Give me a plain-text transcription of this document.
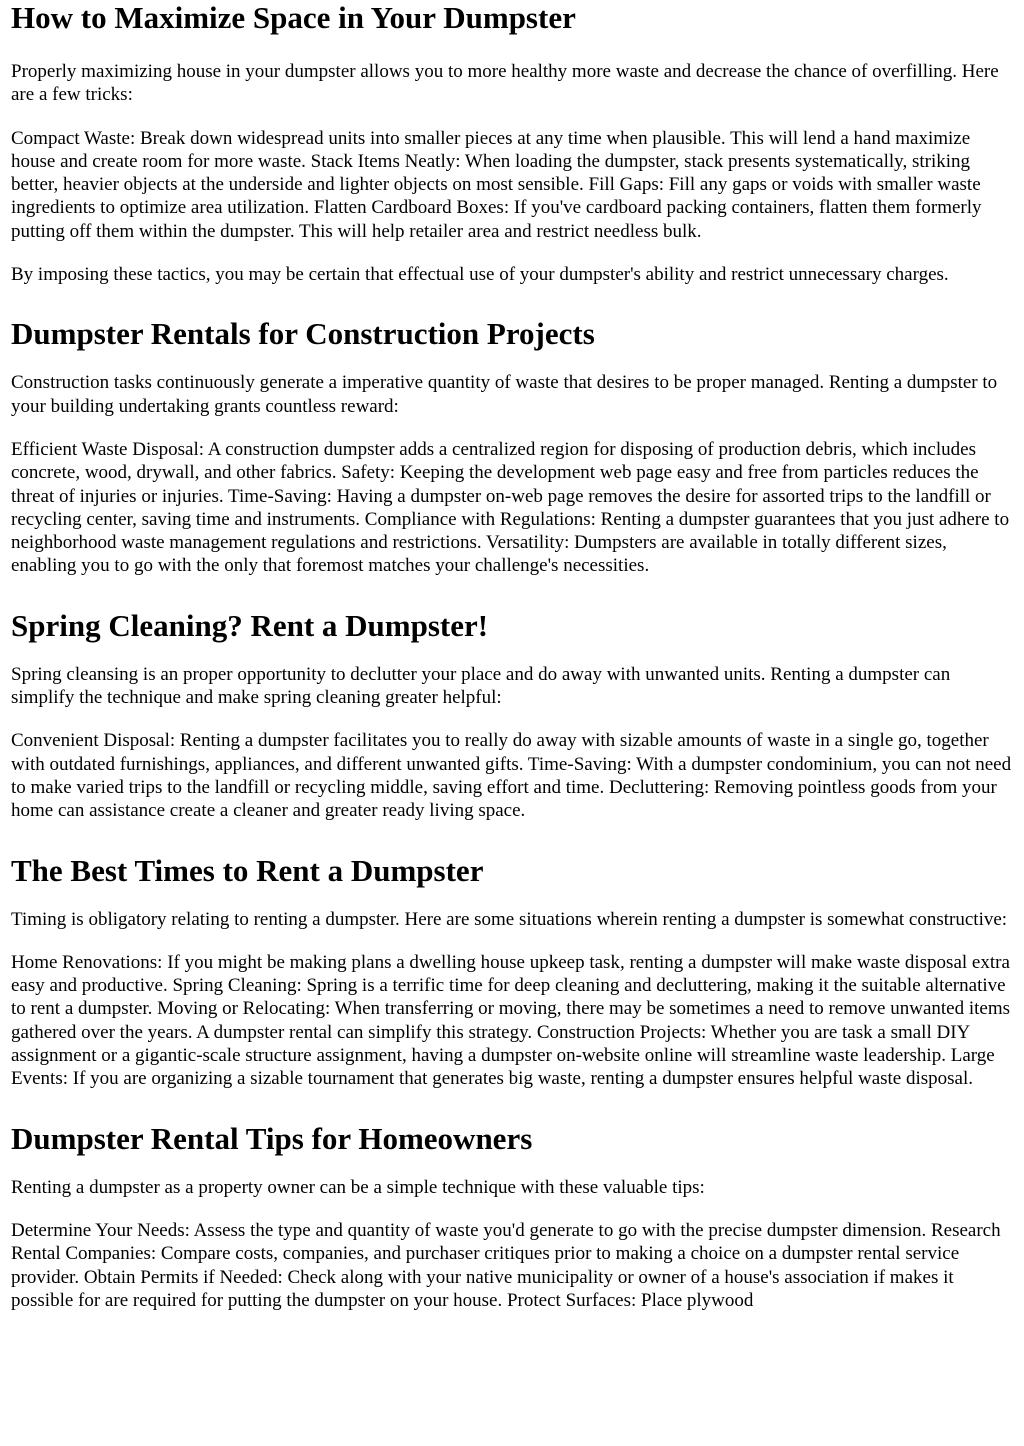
How to Maximize Space in Your Dumpster

Properly maximizing house in your dumpster allows you to more healthy more waste and decrease the chance of overfilling. Here are a few tricks:

Compact Waste: Break down widespread units into smaller pieces at any time when plausible. This will lend a hand maximize house and create room for more waste. Stack Items Neatly: When loading the dumpster, stack presents systematically, striking better, heavier objects at the underside and lighter objects on most sensible. Fill Gaps: Fill any gaps or voids with smaller waste ingredients to optimize area utilization. Flatten Cardboard Boxes: If you've cardboard packing containers, flatten them formerly putting off them within the dumpster. This will help retailer area and restrict needless bulk.

By imposing these tactics, you may be certain that effectual use of your dumpster's ability and restrict unnecessary charges.

Dumpster Rentals for Construction Projects

Construction tasks continuously generate a imperative quantity of waste that desires to be proper managed. Renting a dumpster to your building undertaking grants countless reward:

Efficient Waste Disposal: A construction dumpster adds a centralized region for disposing of production debris, which includes concrete, wood, drywall, and other fabrics. Safety: Keeping the development web page easy and free from particles reduces the threat of injuries or injuries. Time-Saving: Having a dumpster on-web page removes the desire for assorted trips to the landfill or recycling center, saving time and instruments. Compliance with Regulations: Renting a dumpster guarantees that you just adhere to neighborhood waste management regulations and restrictions. Versatility: Dumpsters are available in totally different sizes, enabling you to go with the only that foremost matches your challenge's necessities.

Spring Cleaning? Rent a Dumpster!

Spring cleansing is an proper opportunity to declutter your place and do away with unwanted units. Renting a dumpster can simplify the technique and make spring cleaning greater helpful:

Convenient Disposal: Renting a dumpster facilitates you to really do away with sizable amounts of waste in a single go, together with outdated furnishings, appliances, and different unwanted gifts. Time-Saving: With a dumpster condominium, you can not need to make varied trips to the landfill or recycling middle, saving effort and time. Decluttering: Removing pointless goods from your home can assistance create a cleaner and greater ready living space.

The Best Times to Rent a Dumpster

Timing is obligatory relating to renting a dumpster. Here are some situations wherein renting a dumpster is somewhat constructive:

Home Renovations: If you might be making plans a dwelling house upkeep task, renting a dumpster will make waste disposal extra easy and productive. Spring Cleaning: Spring is a terrific time for deep cleaning and decluttering, making it the suitable alternative to rent a dumpster. Moving or Relocating: When transferring or moving, there may be sometimes a need to remove unwanted items gathered over the years. A dumpster rental can simplify this strategy. Construction Projects: Whether you are task a small DIY assignment or a gigantic-scale structure assignment, having a dumpster on-website online will streamline waste leadership. Large Events: If you are organizing a sizable tournament that generates big waste, renting a dumpster ensures helpful waste disposal.

Dumpster Rental Tips for Homeowners

Renting a dumpster as a property owner can be a simple technique with these valuable tips:

Determine Your Needs: Assess the type and quantity of waste you'd generate to go with the precise dumpster dimension. Research Rental Companies: Compare costs, companies, and purchaser critiques prior to making a choice on a dumpster rental service provider. Obtain Permits if Needed: Check along with your native municipality or owner of a house's association if makes it possible for are required for putting the dumpster on your house. Protect Surfaces: Place plywood
